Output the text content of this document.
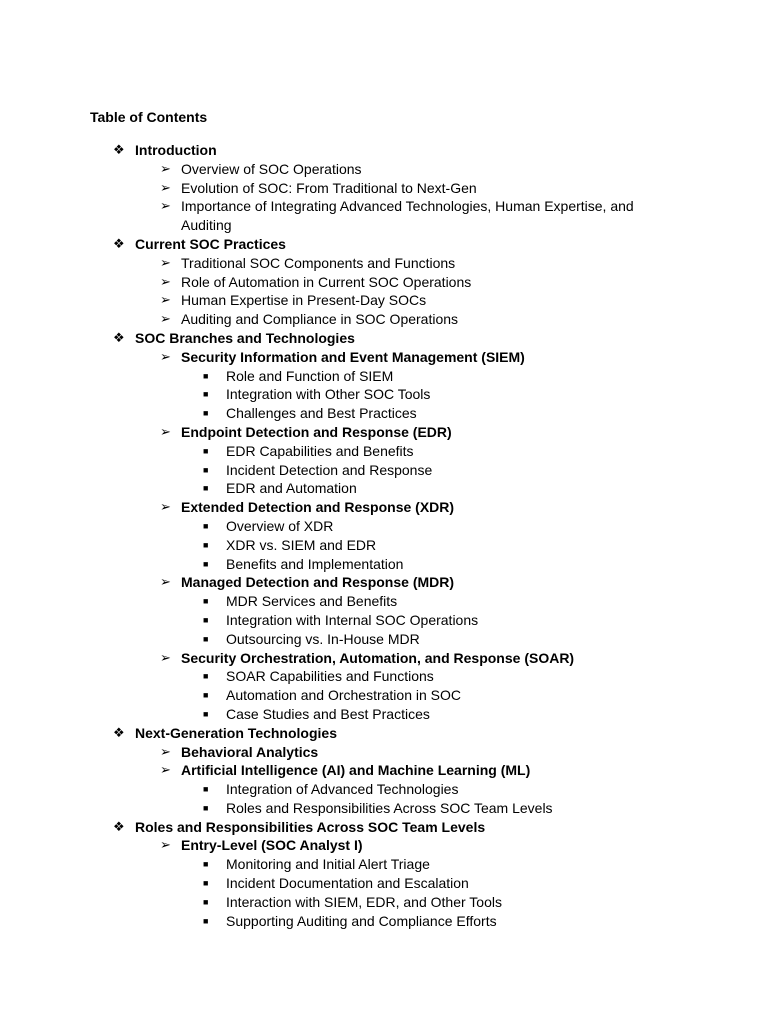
Table of Contents
❖ Introduction
➢ Overview of SOC Operations
➢ Evolution of SOC: From Traditional to Next-Gen
➢ Importance of Integrating Advanced Technologies, Human Expertise, and Auditing
❖ Current SOC Practices
➢ Traditional SOC Components and Functions
➢ Role of Automation in Current SOC Operations
➢ Human Expertise in Present-Day SOCs
➢ Auditing and Compliance in SOC Operations
❖ SOC Branches and Technologies
➢ Security Information and Event Management (SIEM)
■ Role and Function of SIEM
■ Integration with Other SOC Tools
■ Challenges and Best Practices
➢ Endpoint Detection and Response (EDR)
■ EDR Capabilities and Benefits
■ Incident Detection and Response
■ EDR and Automation
➢ Extended Detection and Response (XDR)
■ Overview of XDR
■ XDR vs. SIEM and EDR
■ Benefits and Implementation
➢ Managed Detection and Response (MDR)
■ MDR Services and Benefits
■ Integration with Internal SOC Operations
■ Outsourcing vs. In-House MDR
➢ Security Orchestration, Automation, and Response (SOAR)
■ SOAR Capabilities and Functions
■ Automation and Orchestration in SOC
■ Case Studies and Best Practices
❖ Next-Generation Technologies
➢ Behavioral Analytics
➢ Artificial Intelligence (AI) and Machine Learning (ML)
■ Integration of Advanced Technologies
■ Roles and Responsibilities Across SOC Team Levels
❖ Roles and Responsibilities Across SOC Team Levels
➢ Entry-Level (SOC Analyst I)
■ Monitoring and Initial Alert Triage
■ Incident Documentation and Escalation
■ Interaction with SIEM, EDR, and Other Tools
■ Supporting Auditing and Compliance Efforts
